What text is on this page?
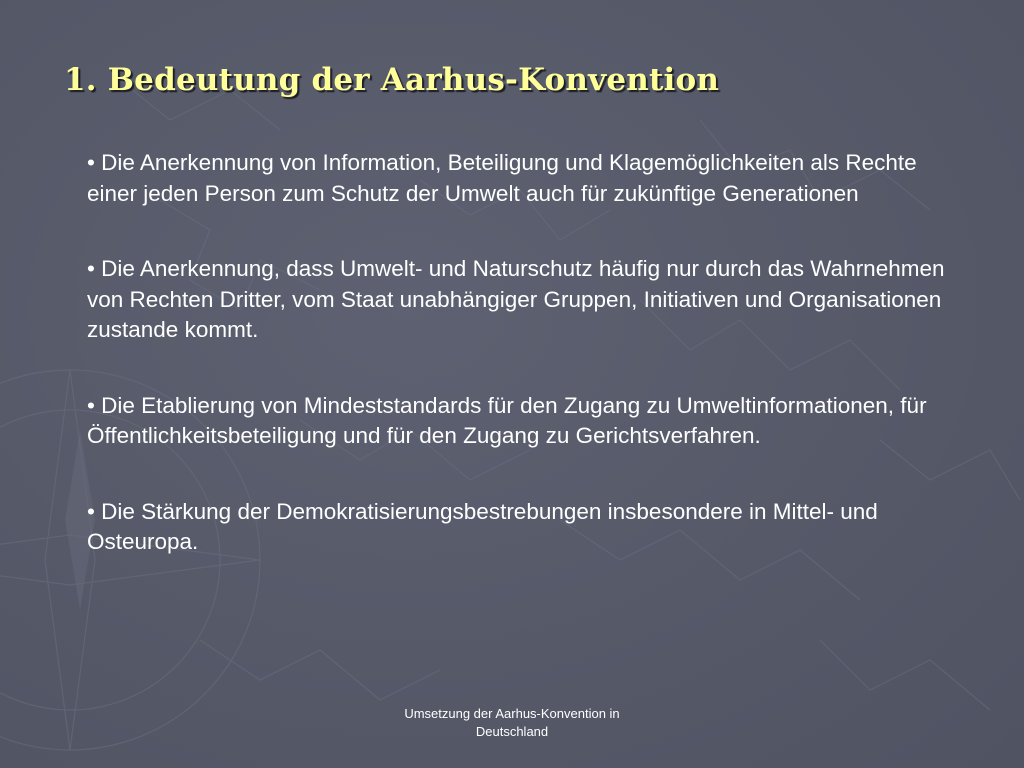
1. Bedeutung der Aarhus-Konvention
• Die Anerkennung von Information, Beteiligung und Klagemöglichkeiten als Rechte einer jeden Person zum Schutz der Umwelt auch für zukünftige Generationen
• Die Anerkennung, dass Umwelt- und Naturschutz häufig nur durch das Wahrnehmen von Rechten Dritter, vom Staat unabhängiger Gruppen, Initiativen und Organisationen zustande kommt.
• Die Etablierung von Mindeststandards für den Zugang zu Umweltinformationen, für Öffentlichkeitsbeteiligung und für den Zugang zu Gerichtsverfahren.
• Die Stärkung der Demokratisierungsbestrebungen insbesondere in Mittel- und Osteuropa.
Umsetzung der Aarhus-Konvention in Deutschland
